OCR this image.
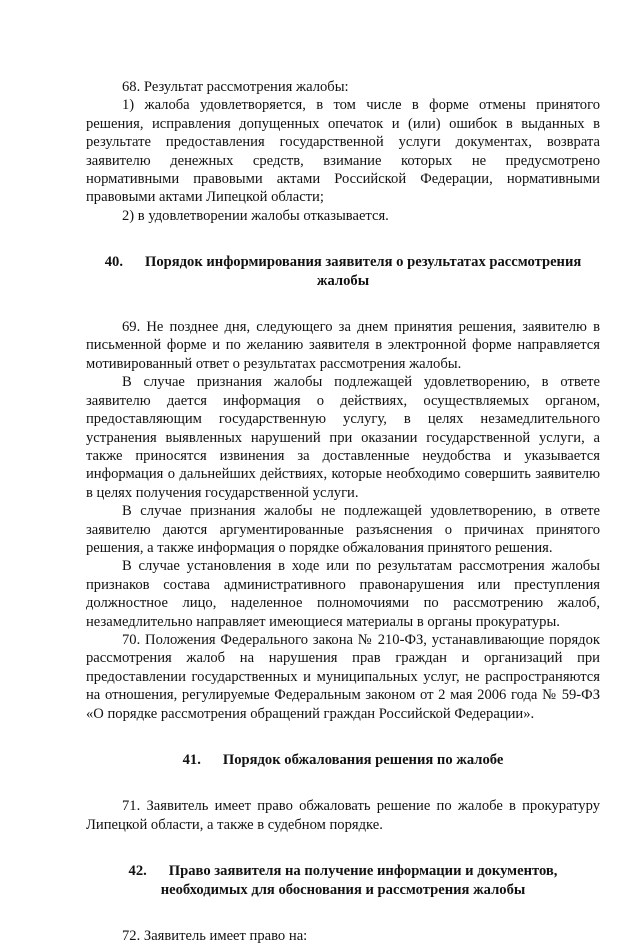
68. Результат рассмотрения жалобы:

1) жалоба удовлетворяется, в том числе в форме отмены принятого решения, исправления допущенных опечаток и (или) ошибок в выданных в результате предоставления государственной услуги документах, возврата заявителю денежных средств, взимание которых не предусмотрено нормативными правовыми актами Российской Федерации, нормативными правовыми актами Липецкой области;

2) в удовлетворении жалобы отказывается.

40. Порядок информирования заявителя о результатах рассмотрения жалобы

69. Не позднее дня, следующего за днем принятия решения, заявителю в письменной форме и по желанию заявителя в электронной форме направляется мотивированный ответ о результатах рассмотрения жалобы.

В случае признания жалобы подлежащей удовлетворению, в ответе заявителю дается информация о действиях, осуществляемых органом, предоставляющим государственную услугу, в целях незамедлительного устранения выявленных нарушений при оказании государственной услуги, а также приносятся извинения за доставленные неудобства и указывается информация о дальнейших действиях, которые необходимо совершить заявителю в целях получения государственной услуги.

В случае признания жалобы не подлежащей удовлетворению, в ответе заявителю даются аргументированные разъяснения о причинах принятого решения, а также информация о порядке обжалования принятого решения.

В случае установления в ходе или по результатам рассмотрения жалобы признаков состава административного правонарушения или преступления должностное лицо, наделенное полномочиями по рассмотрению жалоб, незамедлительно направляет имеющиеся материалы в органы прокуратуры.

70. Положения Федерального закона № 210-ФЗ, устанавливающие порядок рассмотрения жалоб на нарушения прав граждан и организаций при предоставлении государственных и муниципальных услуг, не распространяются на отношения, регулируемые Федеральным законом от 2 мая 2006 года № 59-ФЗ «О порядке рассмотрения обращений граждан Российской Федерации».

41. Порядок обжалования решения по жалобе

71. Заявитель имеет право обжаловать решение по жалобе в прокуратуру Липецкой области, а также в судебном порядке.

42. Право заявителя на получение информации и документов, необходимых для обоснования и рассмотрения жалобы

72. Заявитель имеет право на:
